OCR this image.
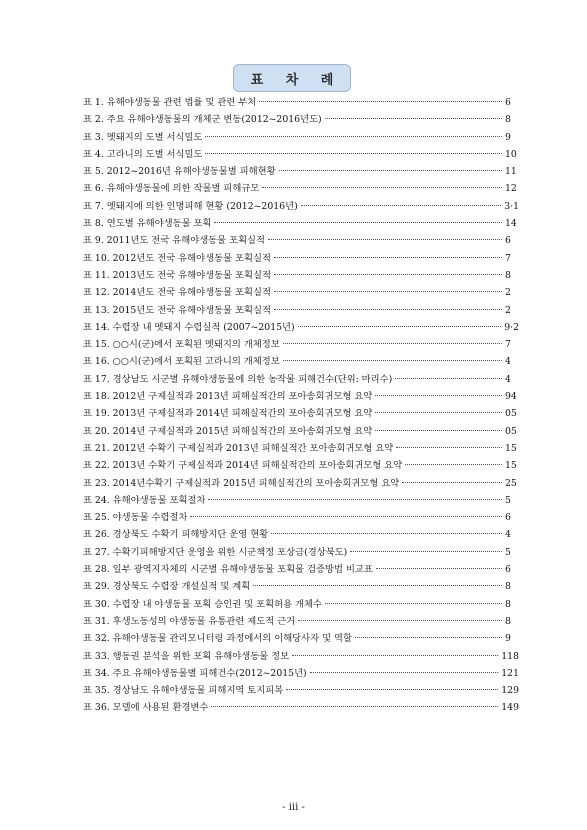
표 차 례
표 1. 유해야생동물 관련 법률 및 관련 부처	6
표 2. 주요 유해야생동물의 개체군 변동(2012~2016년도)	8
표 3. 멧돼지의 도별 서식밀도	9
표 4. 고라니의 도별 서식밀도	10
표 5. 2012~2016년 유해야생동물별 피해현황	11
표 6. 유해야생동물에 의한 작물별 피해규모	12
표 7. 멧돼지에 의한 인명피해 현황 (2012~2016년)	3·1
표 8. 연도별 유해야생동물 포획	14
표 9. 2011년도 전국 유해야생동물 포획실적	6
표 10. 2012년도 전국 유해야생동물 포획실적	7
표 11. 2013년도 전국 유해야생동물 포획실적	8
표 12. 2014년도 전국 유해야생동물 포획실적	2
표 13. 2015년도 전국 유해야생동물 포획실적	2
표 14. 수렵장 내 멧돼지 수렵실적 (2007~2015년)	9·2
표 15. ○○시(군)에서 포획된 멧돼지의 개체정보	7
표 16. ○○시(군)에서 포획된 고라니의 개체정보	4
표 17. 경상남도 시군별 유해야생동물에 의한 농작물 피해건수(단위: 마리수)	4
표 18. 2012년 구제실적과 2013년 피해실적간의 포아송회귀모형 요약	94
표 19. 2013년 구제실적과 2014년 피해실적간의 포아송회귀모형 요약	05
표 20. 2014년 구제실적과 2015년 피해실적간의 포아송회귀모형 요약	05
표 21. 2012년 수확기 구제실적과 2013년 피해실적간 포아송회귀모형 요약	15
표 22. 2013년 수확기 구제실적과 2014년 피해실적간의 포아송회귀모형 요약	15
표 23. 2014년수확기 구제실적과 2015년 피해실적간의 포아송회귀모형 요약	25
표 24. 유해야생동물 포획절차	5
표 25. 야생동물 수렵절차	6
표 26. 경상북도 수확기 피해방지단 운영 현황	4
표 27. 수확기피해방지단 운영을 위한 시군책정 포상금(경상북도)	5
표 28. 일부 광역지자체의 시군별 유해야생동물 포획물 검증방법 비교표	6
표 29. 경상북도 수렵장 개설실적 및 계획	8
표 30. 수렵장 내 야생동물 포획 승인권 및 포획허용 개체수	8
표 31. 후생노동성의 야생동물 유통관련 제도적 근거	8
표 32. 유해야생동물 관리모니터링 과정에서의 이해당사자 및 역할	9
표 33. 행동권 분석을 위한 포획 유해야생동물 정보	118
표 34. 주요 유해야생동물별 피해건수(2012~2015년)	121
표 35. 경상남도 유해야생동물 피해지역 토지피복	129
표 36. 모델에 사용된 환경변수	149
- iii -
